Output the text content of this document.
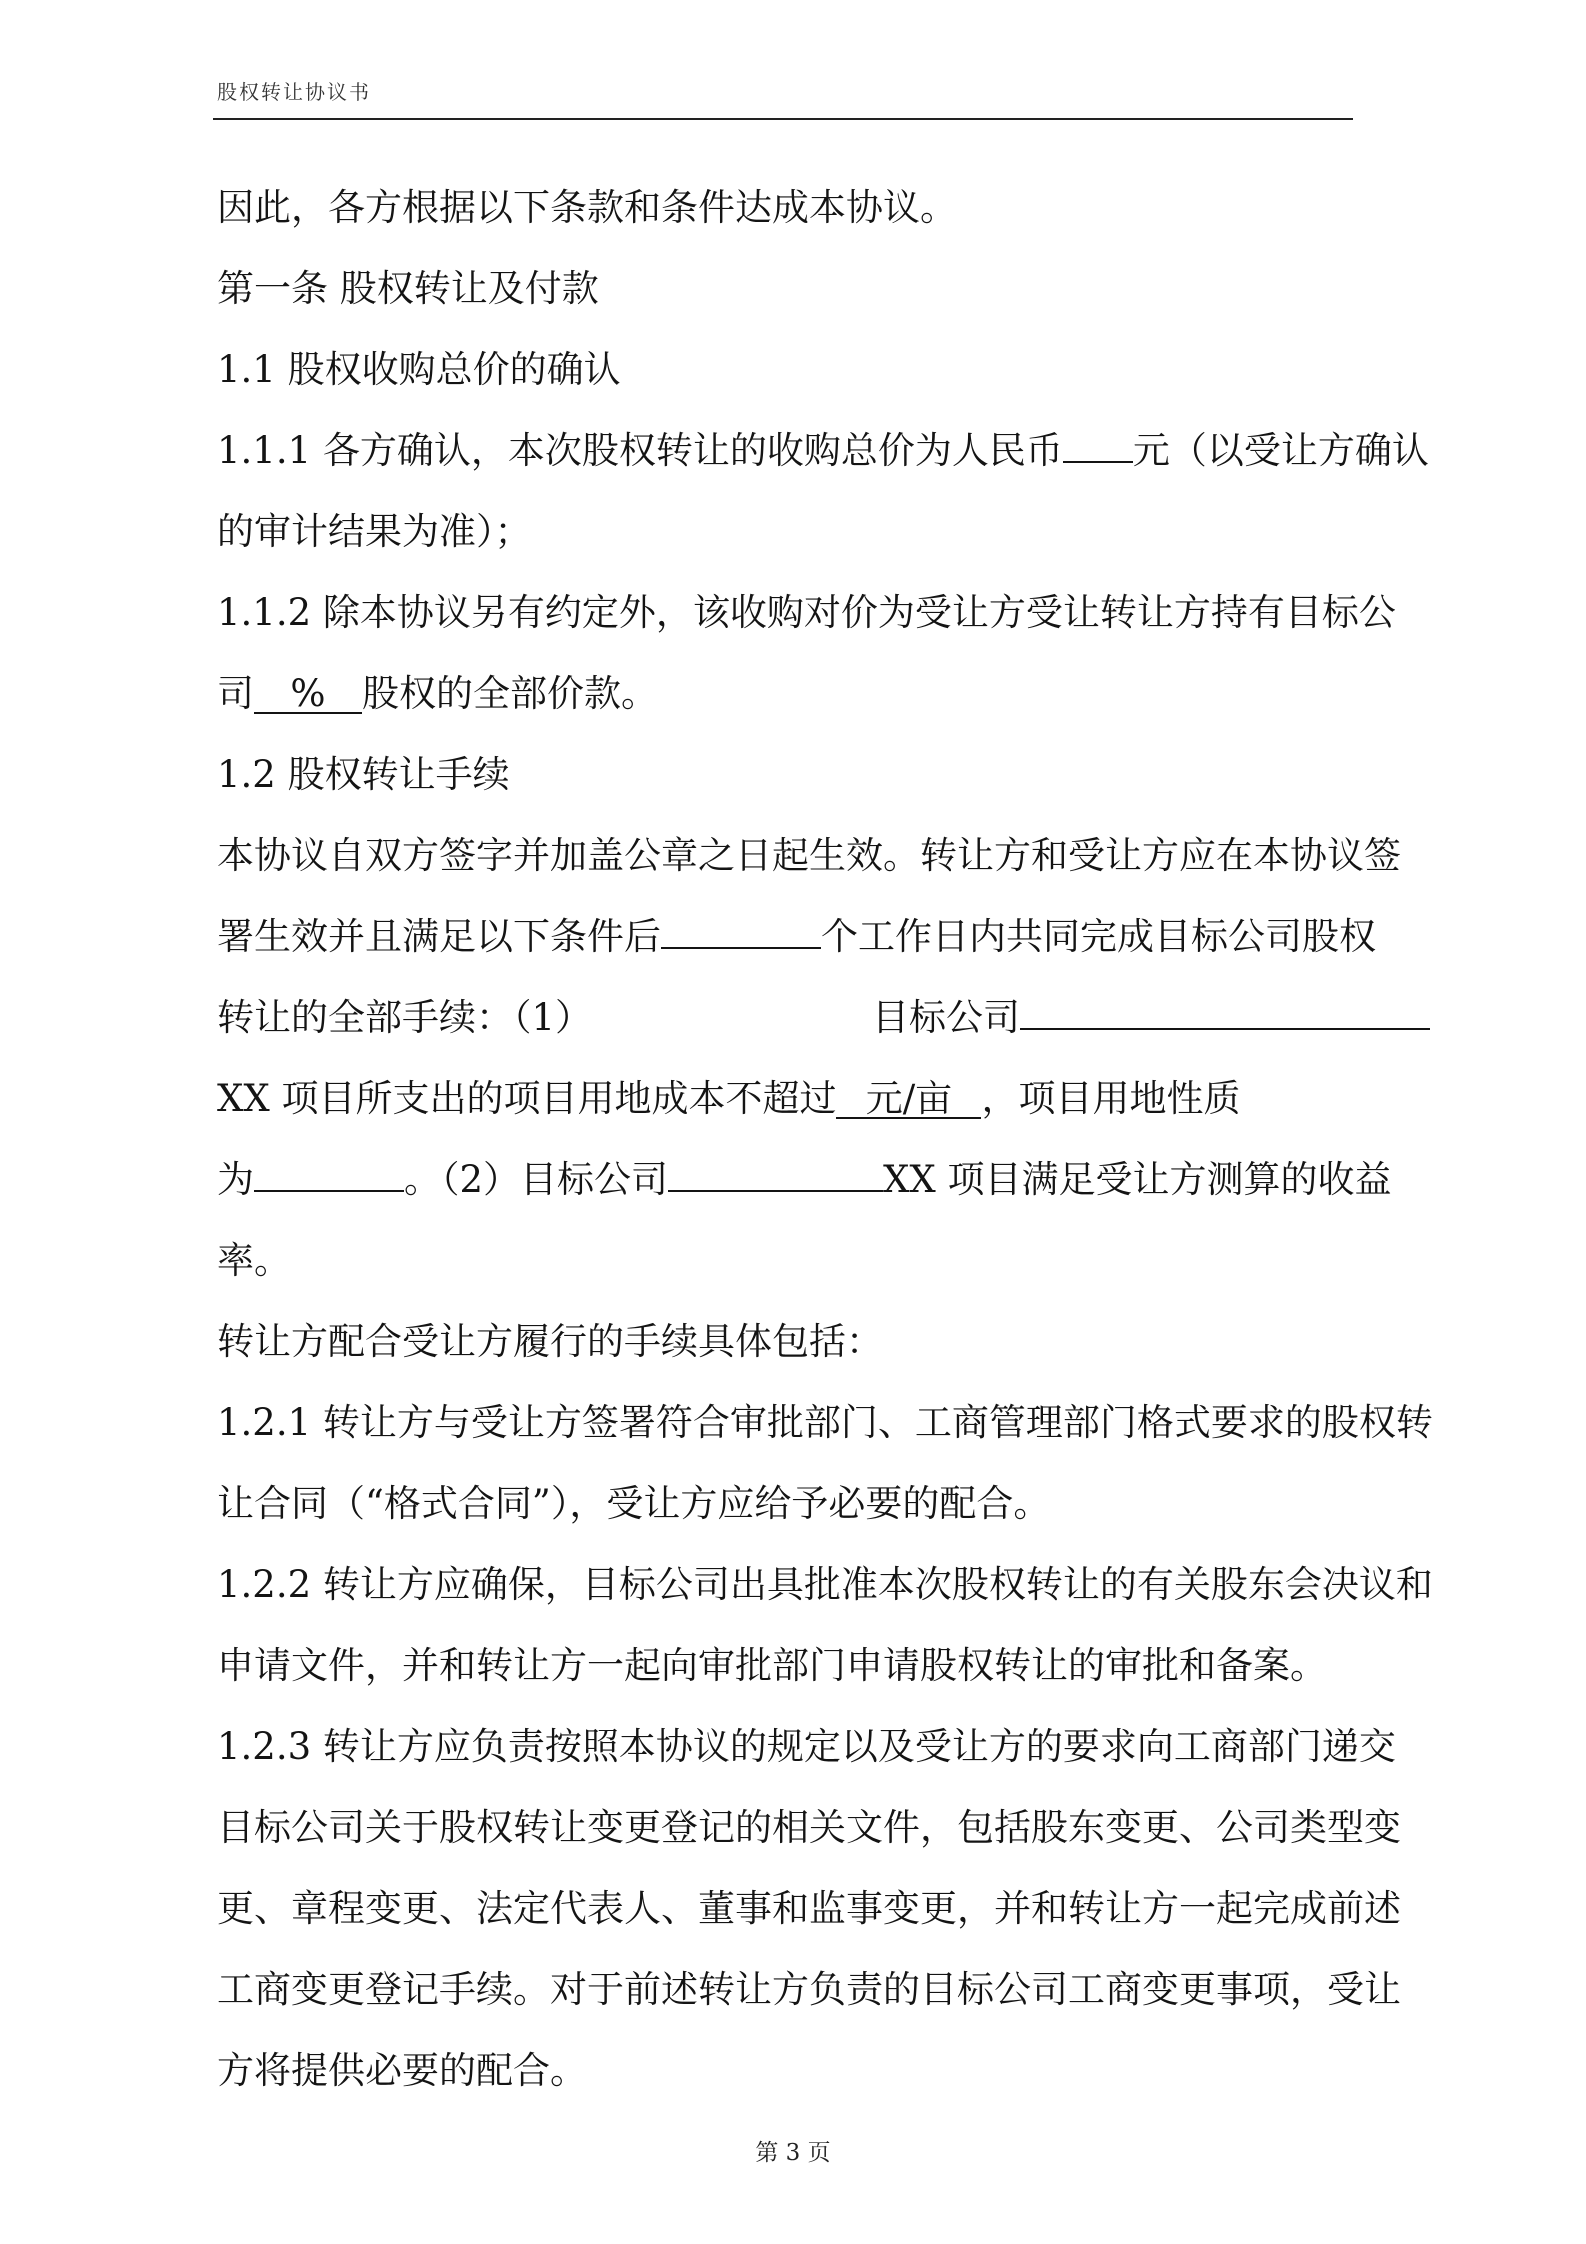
股权转让协议书

因此，各方根据以下条款和条件达成本协议。

第一条 股权转让及付款

1.1 股权收购总价的确认

1.1.1 各方确认，本次股权转让的收购总价为人民币 元（以受让方确认

的审计结果为准）；

1.1.2 除本协议另有约定外，该收购对价为受让方受让转让方持有目标公

司 % 股权的全部价款。

1.2 股权转让手续

本协议自双方签字并加盖公章之日起生效。转让方和受让方应在本协议签

署生效并且满足以下条件后	个工作日内共同完成目标公司股权

转让的全部手续：（1）	目标公司

XX 项目所支出的项目用地成本不超过 元/亩 ，项目用地性质

为	。（2）目标公司	XX 项目满足受让方测算的收益

率。

转让方配合受让方履行的手续具体包括：

1.2.1 转让方与受让方签署符合审批部门、工商管理部门格式要求的股权转

让合同（“格式合同”），受让方应给予必要的配合。

1.2.2 转让方应确保，目标公司出具批准本次股权转让的有关股东会决议和

申请文件，并和转让方一起向审批部门申请股权转让的审批和备案。

1.2.3 转让方应负责按照本协议的规定以及受让方的要求向工商部门递交

目标公司关于股权转让变更登记的相关文件，包括股东变更、公司类型变

更、章程变更、法定代表人、董事和监事变更，并和转让方一起完成前述

工商变更登记手续。对于前述转让方负责的目标公司工商变更事项，受让

方将提供必要的配合。

第 3 页
